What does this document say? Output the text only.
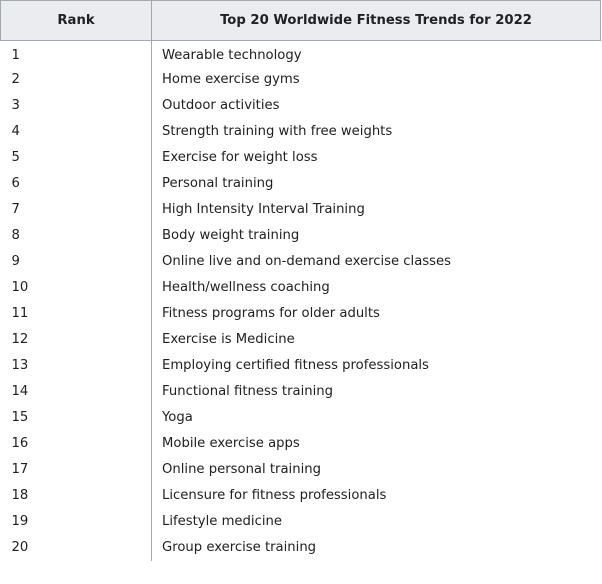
Rank	Top 20 Worldwide Fitness Trends for 2022
1	Wearable technology
2	Home exercise gyms
3	Outdoor activities
4	Strength training with free weights
5	Exercise for weight loss
6	Personal training
7	High Intensity Interval Training
8	Body weight training
9	Online live and on-demand exercise classes
10	Health/wellness coaching
11	Fitness programs for older adults
12	Exercise is Medicine
13	Employing certified fitness professionals
14	Functional fitness training
15	Yoga
16	Mobile exercise apps
17	Online personal training
18	Licensure for fitness professionals
19	Lifestyle medicine
20	Group exercise training
